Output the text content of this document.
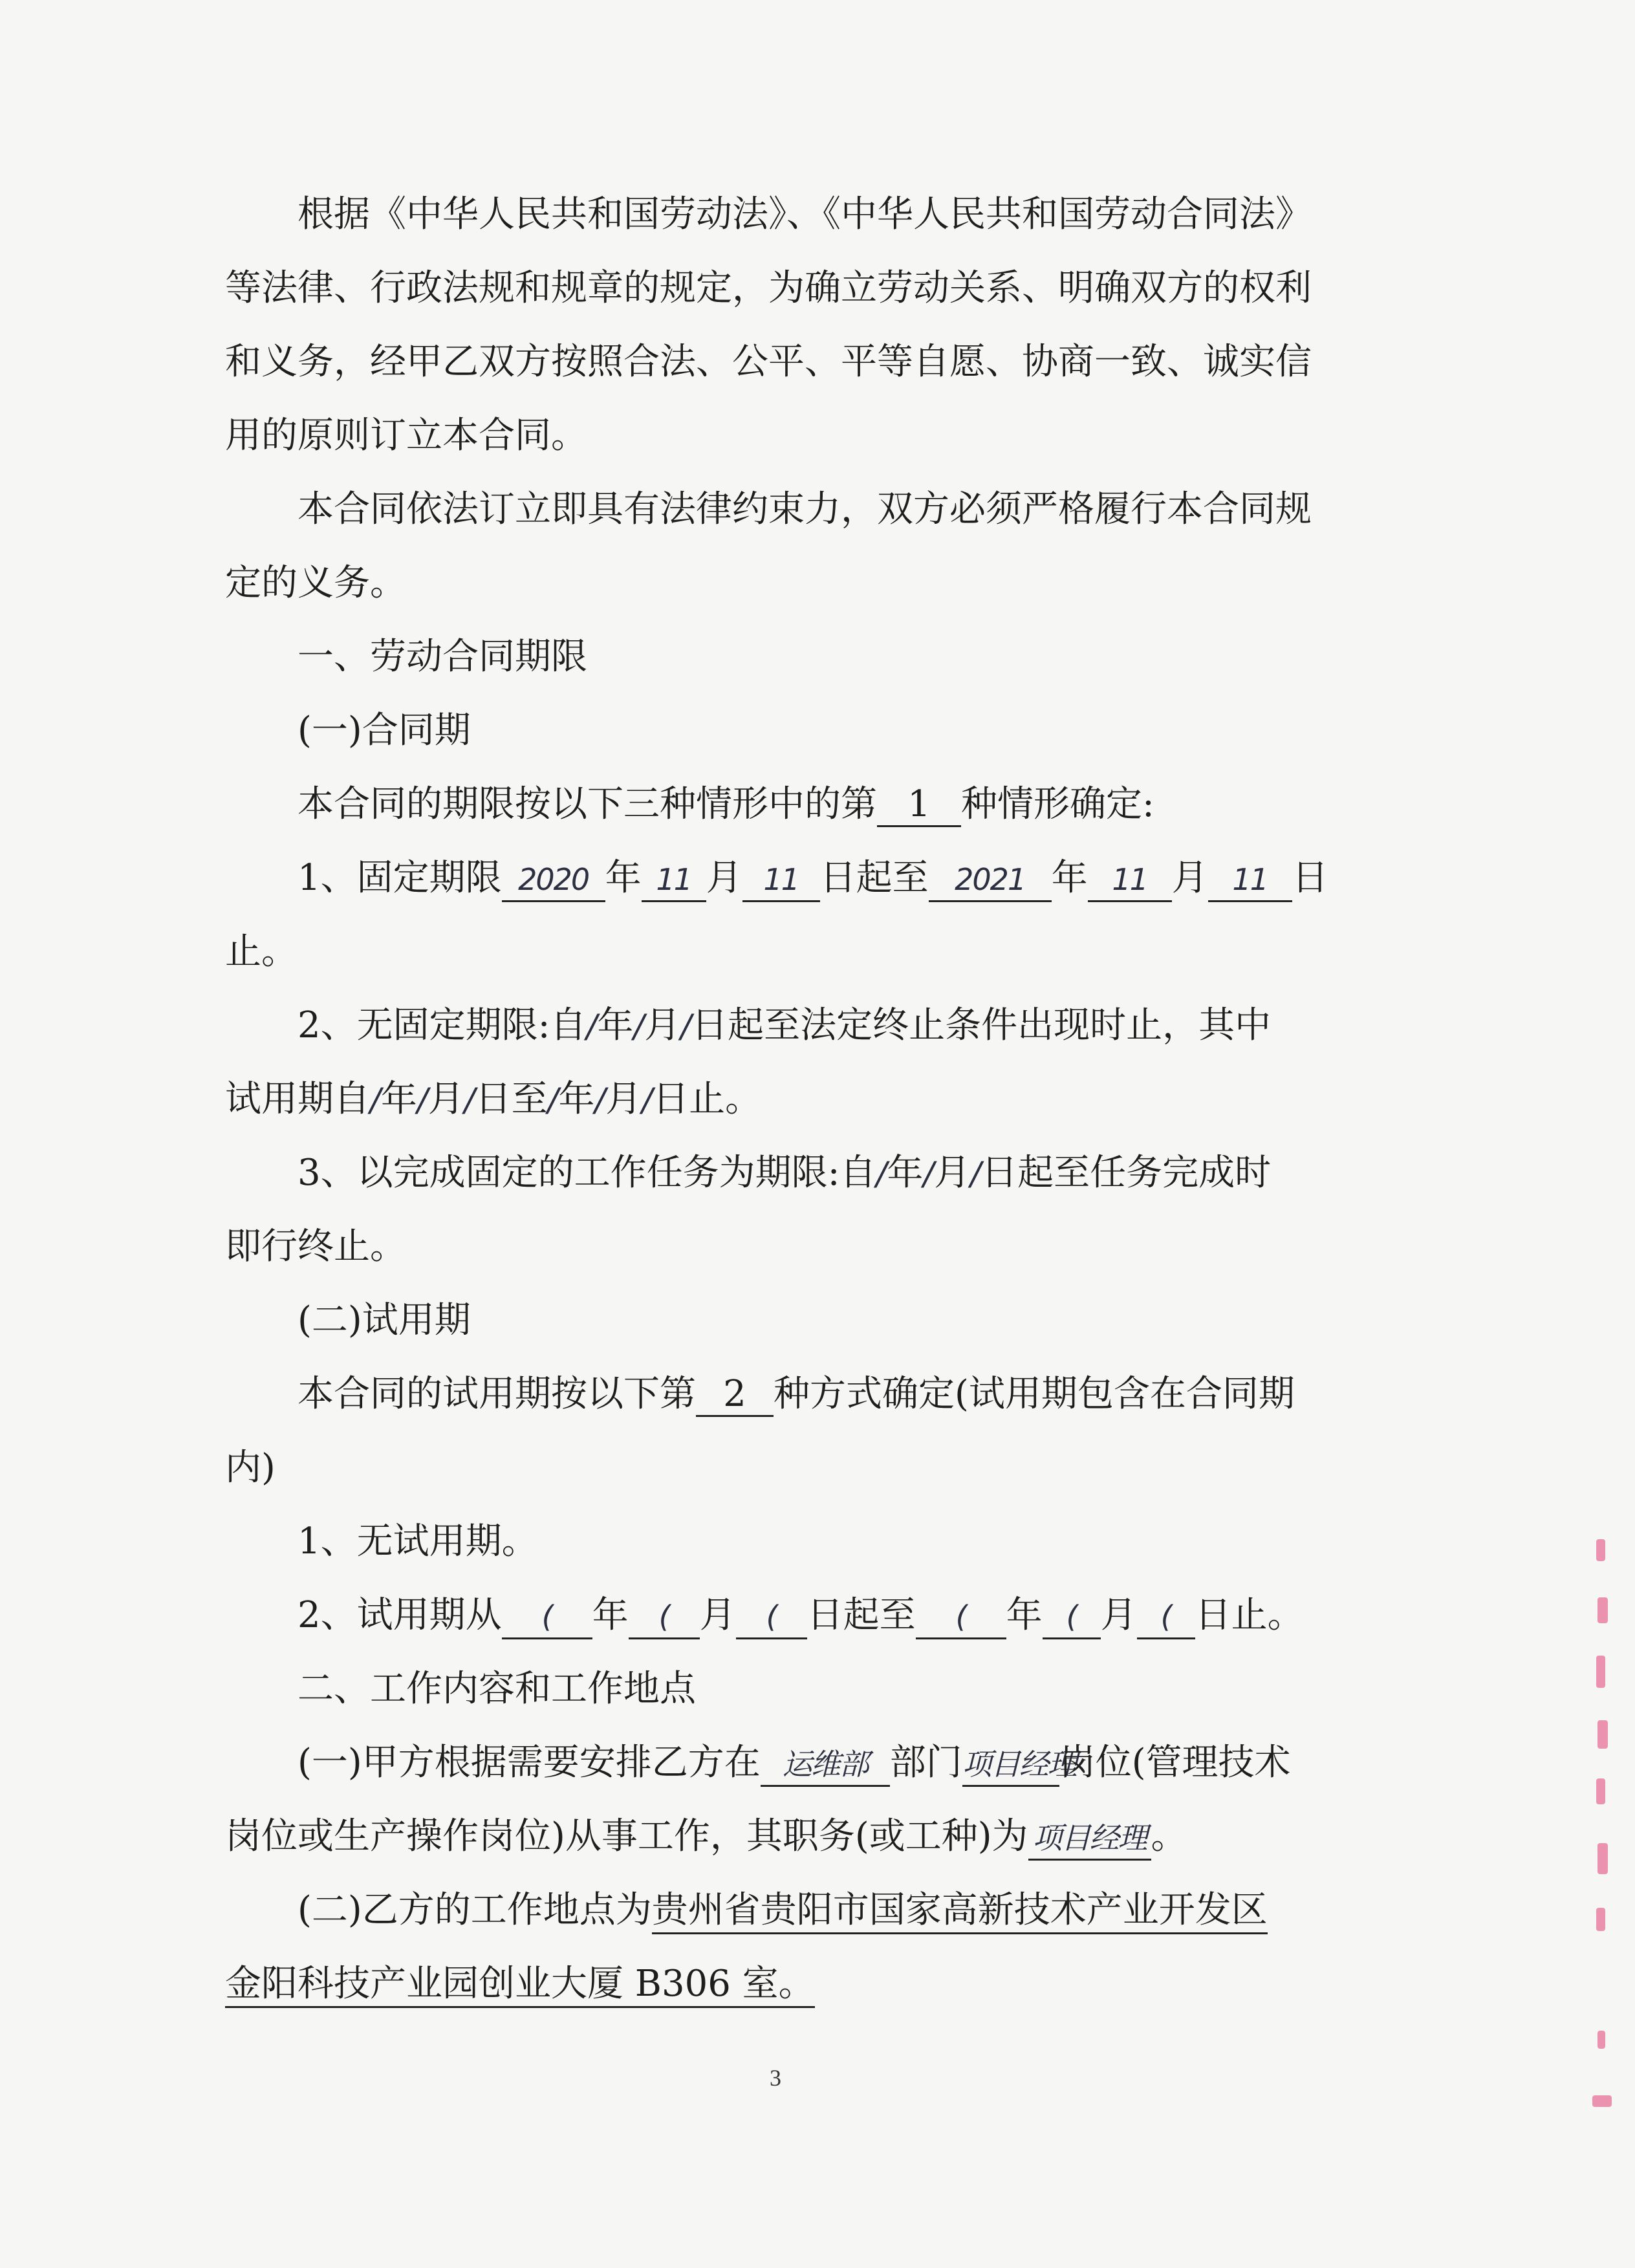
根据《中华人民共和国劳动法》、《中华人民共和国劳动合同法》
等法律、行政法规和规章的规定，为确立劳动关系、明确双方的权利
和义务，经甲乙双方按照合法、公平、平等自愿、协商一致、诚实信
用的原则订立本合同。
本合同依法订立即具有法律约束力，双方必须严格履行本合同规
定的义务。
一、劳动合同期限
(一)合同期
本合同的期限按以下三种情形中的第 1 种情形确定:
1、固定期限 2020 年 11 月 11 日起至 2021 年 11 月 11 日
止。
2、无固定期限:自/年/月/日起至法定终止条件出现时止，其中
试用期自/年/月/日至/年/月/日止。
3、以完成固定的工作任务为期限:自/年/月/日起至任务完成时
即行终止。
(二)试用期
本合同的试用期按以下第 2 种方式确定(试用期包含在合同期
内)
1、无试用期。
2、试用期从 ( 年 ( 月 ( 日起至 ( 年 ( 月 ( 日止。
二、工作内容和工作地点
(一)甲方根据需要安排乙方在 运维部 部门项目经理岗位(管理技术
岗位或生产操作岗位)从事工作，其职务(或工种)为 项目经理 。
(二)乙方的工作地点为贵州省贵阳市国家高新技术产业开发区
金阳科技产业园创业大厦 B306 室。
3
